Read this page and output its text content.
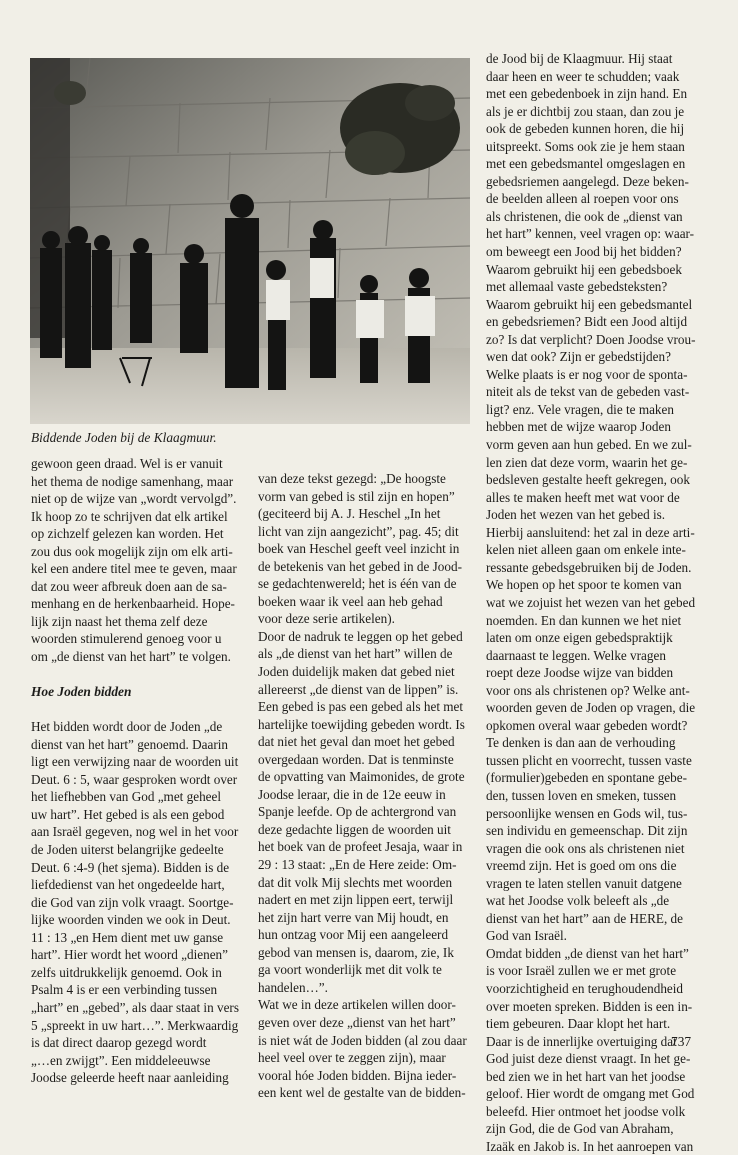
Biddende Joden bij de Klaagmuur.

gewoon geen draad. Wel is er vanuit

het thema de nodige samenhang, maar

niet op de wijze van „wordt vervolgd”.

Ik hoop zo te schrijven dat elk artikel

op zichzelf gelezen kan worden. Het

zou dus ook mogelijk zijn om elk arti-

kel een andere titel mee te geven, maar

dat zou weer afbreuk doen aan de sa-

menhang en de herkenbaarheid. Hope-

lijk zijn naast het thema zelf deze

woorden stimulerend genoeg voor u

om „de dienst van het hart” te volgen.

Hoe Joden bidden

Het bidden wordt door de Joden „de

dienst van het hart” genoemd. Daarin

ligt een verwijzing naar de woorden uit

Deut. 6 : 5, waar gesproken wordt over

het liefhebben van God „met geheel

uw hart”. Het gebed is als een gebod

aan Israël gegeven, nog wel in het voor

de Joden uiterst belangrijke gedeelte

Deut. 6 :4-9 (het sjema). Bidden is de

liefdedienst van het ongedeelde hart,

die God van zijn volk vraagt. Soortge-

lijke woorden vinden we ook in Deut.

11 : 13 „en Hem dient met uw ganse

hart”. Hier wordt het woord „dienen”

zelfs uitdrukkelijk genoemd. Ook in

Psalm 4 is er een verbinding tussen

„hart” en „gebed”, als daar staat in vers

5 „spreekt in uw hart…”. Merkwaardig

is dat direct daarop gezegd wordt

„…en zwijgt”. Een middeleeuwse

Joodse geleerde heeft naar aanleiding

van deze tekst gezegd: „De hoogste

vorm van gebed is stil zijn en hopen”

(geciteerd bij A. J. Heschel „In het

licht van zijn aangezicht”, pag. 45; dit

boek van Heschel geeft veel inzicht in

de betekenis van het gebed in de Jood-

se gedachtenwereld; het is één van de

boeken waar ik veel aan heb gehad

voor deze serie artikelen).

Door de nadruk te leggen op het gebed

als „de dienst van het hart” willen de

Joden duidelijk maken dat gebed niet

allereerst „de dienst van de lippen” is.

Een gebed is pas een gebed als het met

hartelijke toewijding gebeden wordt. Is

dat niet het geval dan moet het gebed

overgedaan worden. Dat is tenminste

de opvatting van Maimonides, de grote

Joodse leraar, die in de 12e eeuw in

Spanje leefde. Op de achtergrond van

deze gedachte liggen de woorden uit

het boek van de profeet Jesaja, waar in

29 : 13 staat: „En de Here zeide: Om-

dat dit volk Mij slechts met woorden

nadert en met zijn lippen eert, terwijl

het zijn hart verre van Mij houdt, en

hun ontzag voor Mij een aangeleerd

gebod van mensen is, daarom, zie, Ik

ga voort wonderlijk met dit volk te

handelen…”.

Wat we in deze artikelen willen door-

geven over deze „dienst van het hart”

is niet wát de Joden bidden (al zou daar

heel veel over te zeggen zijn), maar

vooral hóe Joden bidden. Bijna ieder-

een kent wel de gestalte van de bidden-

de Jood bij de Klaagmuur. Hij staat

daar heen en weer te schudden; vaak

met een gebedenboek in zijn hand. En

als je er dichtbij zou staan, dan zou je

ook de gebeden kunnen horen, die hij

uitspreekt. Soms ook zie je hem staan

met een gebedsmantel omgeslagen en

gebedsriemen aangelegd. Deze beken-

de beelden alleen al roepen voor ons

als christenen, die ook de „dienst van

het hart” kennen, veel vragen op: waar-

om beweegt een Jood bij het bidden?

Waarom gebruikt hij een gebedsboek

met allemaal vaste gebedsteksten?

Waarom gebruikt hij een gebedsmantel

en gebedsriemen? Bidt een Jood altijd

zo? Is dat verplicht? Doen Joodse vrou-

wen dat ook? Zijn er gebedstijden?

Welke plaats is er nog voor de sponta-

niteit als de tekst van de gebeden vast-

ligt? enz. Vele vragen, die te maken

hebben met de wijze waarop Joden

vorm geven aan hun gebed. En we zul-

len zien dat deze vorm, waarin het ge-

bedsleven gestalte heeft gekregen, ook

alles te maken heeft met wat voor de

Joden het wezen van het gebed is.

Hierbij aansluitend: het zal in deze arti-

kelen niet alleen gaan om enkele inte-

ressante gebedsgebruiken bij de Joden.

We hopen op het spoor te komen van

wat we zojuist het wezen van het gebed

noemden. En dan kunnen we het niet

laten om onze eigen gebedspraktijk

daarnaast te leggen. Welke vragen

roept deze Joodse wijze van bidden

voor ons als christenen op? Welke ant-

woorden geven de Joden op vragen, die

opkomen overal waar gebeden wordt?

Te denken is dan aan de verhouding

tussen plicht en voorrecht, tussen vaste

(formulier)gebeden en spontane gebe-

den, tussen loven en smeken, tussen

persoonlijke wensen en Gods wil, tus-

sen individu en gemeenschap. Dit zijn

vragen die ook ons als christenen niet

vreemd zijn. Het is goed om ons die

vragen te laten stellen vanuit datgene

wat het Joodse volk beleeft als „de

dienst van het hart” aan de HERE, de

God van Israël.

Omdat bidden „de dienst van het hart”

is voor Israël zullen we er met grote

voorzichtigheid en terughoudendheid

over moeten spreken. Bidden is een in-

tiem gebeuren. Daar klopt het hart.

Daar is de innerlijke overtuiging dat

God juist deze dienst vraagt. In het ge-

bed zien we in het hart van het joodse

geloof. Hier wordt de omgang met God

beleefd. Hier ontmoet het joodse volk

zijn God, die de God van Abraham,

Izaäk en Jakob is. In het aanroepen van

737
